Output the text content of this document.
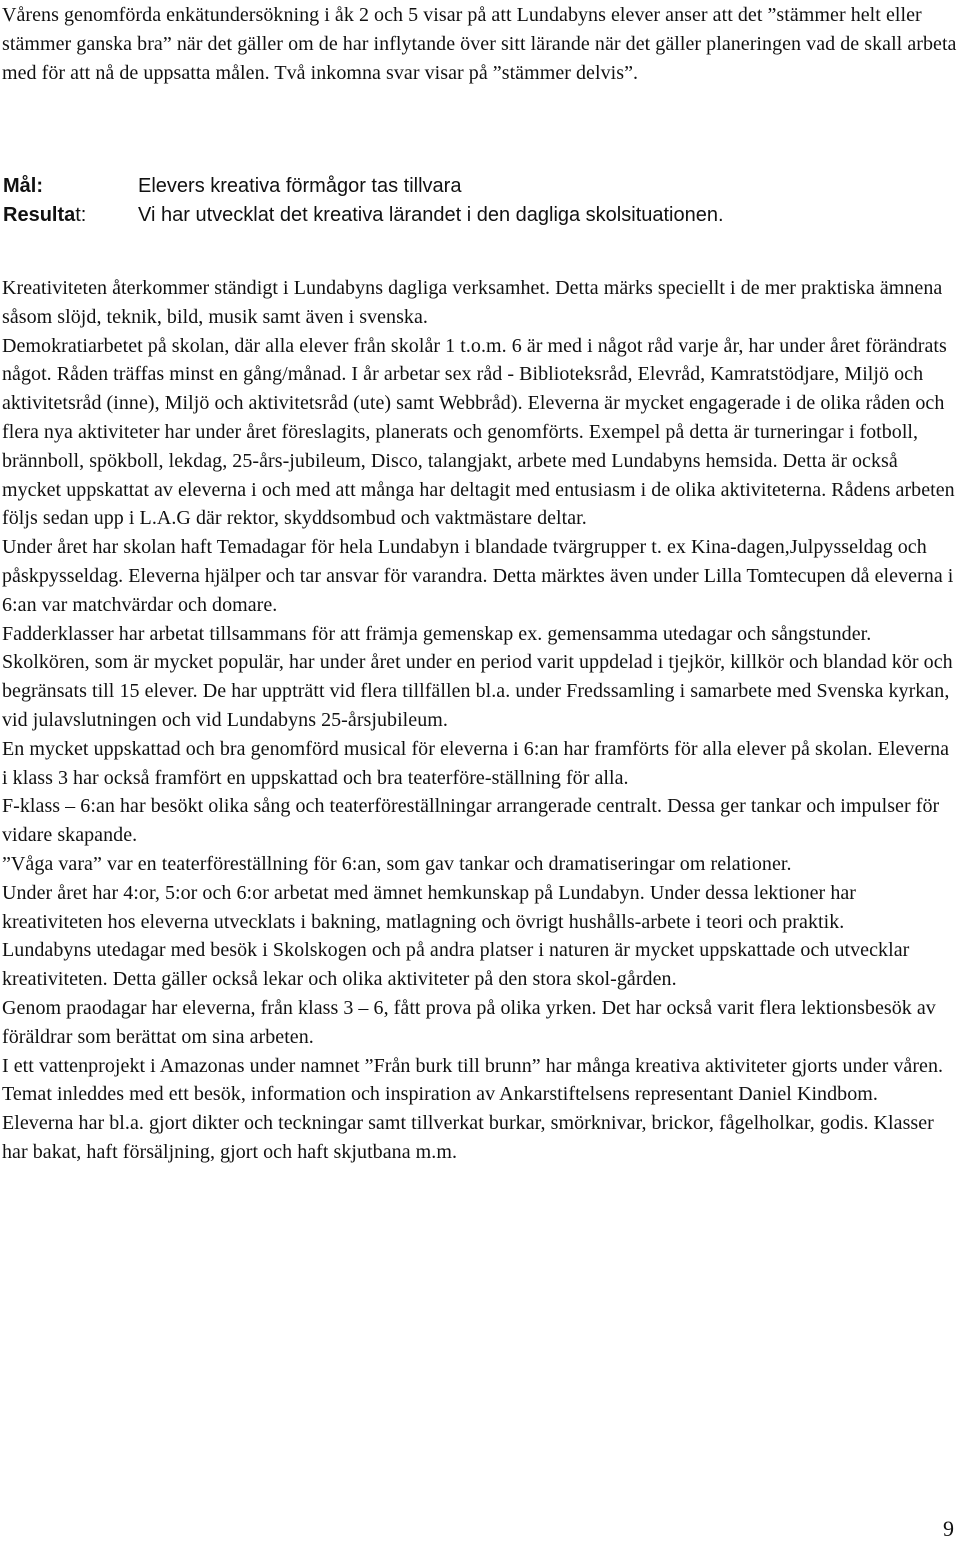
Vårens genomförda enkätundersökning i åk 2 och 5 visar på att Lundabyns elever anser att det ”stämmer helt eller stämmer ganska bra” när det gäller om de har inflytande över sitt lärande när det gäller planeringen vad de skall arbeta med för att nå de uppsatta målen. Två inkomna svar visar på ”stämmer delvis”.

Mål:	Elevers kreativa förmågor tas tillvara
Resultat:	Vi har utvecklat det kreativa lärandet i den dagliga skolsituationen.

Kreativiteten återkommer ständigt i Lundabyns dagliga verksamhet. Detta märks speciellt i de mer praktiska ämnena såsom slöjd, teknik, bild, musik samt även i svenska.

Demokratiarbetet på skolan, där alla elever från skolår 1 t.o.m. 6 är med i något råd varje år, har under året förändrats något. Råden träffas minst en gång/månad. I år arbetar sex råd - Biblioteksråd, Elevråd, Kamratstödjare, Miljö och aktivitetsråd (inne), Miljö och aktivitetsråd (ute) samt Webbråd). Eleverna är mycket engagerade i de olika råden och flera nya aktiviteter har under året föreslagits, planerats och genomförts. Exempel på detta är turneringar i fotboll, brännboll, spökboll, lekdag, 25-års-jubileum, Disco, talangjakt, arbete med Lundabyns hemsida. Detta är också mycket uppskattat av eleverna i och med att många har deltagit med entusiasm i de olika aktiviteterna. Rådens arbeten följs sedan upp i L.A.G där rektor, skyddsombud och vaktmästare deltar.

Under året har skolan haft Temadagar för hela Lundabyn i blandade tvärgrupper t. ex Kina-dagen,Julpysseldag och påskpysseldag. Eleverna hjälper och tar ansvar för varandra. Detta märktes även under Lilla Tomtecupen då eleverna i 6:an var matchvärdar och domare.

Fadderklasser har arbetat tillsammans för att främja gemenskap ex. gemensamma utedagar och sångstunder.

Skolkören, som är mycket populär, har under året under en period varit uppdelad i tjejkör, killkör och blandad kör och begränsats till 15 elever. De har uppträtt vid flera tillfällen bl.a. under Fredssamling i samarbete med Svenska kyrkan, vid julavslutningen och vid Lundabyns 25-årsjubileum.

En mycket uppskattad och bra genomförd musical för eleverna i 6:an har framförts för alla elever på skolan. Eleverna i klass 3 har också framfört en uppskattad och bra teaterföre-ställning för alla.

F-klass – 6:an har besökt olika sång och teaterföreställningar arrangerade centralt. Dessa ger tankar och impulser för vidare skapande.

”Våga vara” var en teaterföreställning för 6:an, som gav tankar och dramatiseringar om relationer.

Under året har 4:or, 5:or och 6:or arbetat med ämnet hemkunskap på Lundabyn. Under dessa lektioner har kreativiteten hos eleverna utvecklats i bakning, matlagning och övrigt hushålls-arbete i teori och praktik.

Lundabyns utedagar med besök i Skolskogen och på andra platser i naturen är mycket uppskattade och utvecklar kreativiteten. Detta gäller också lekar och olika aktiviteter på den stora skol-gården.

Genom praodagar har eleverna, från klass 3 – 6, fått prova på olika yrken. Det har också varit flera lektionsbesök av föräldrar som berättat om sina arbeten.

I ett vattenprojekt i Amazonas under namnet ”Från burk till brunn” har många kreativa aktiviteter gjorts under våren. Temat inleddes med ett besök, information och inspiration av Ankarstiftelsens representant Daniel Kindbom.

Eleverna har bl.a. gjort dikter och teckningar samt tillverkat burkar, smörknivar, brickor, fågelholkar, godis. Klasser har bakat, haft försäljning, gjort och haft skjutbana m.m.

9
